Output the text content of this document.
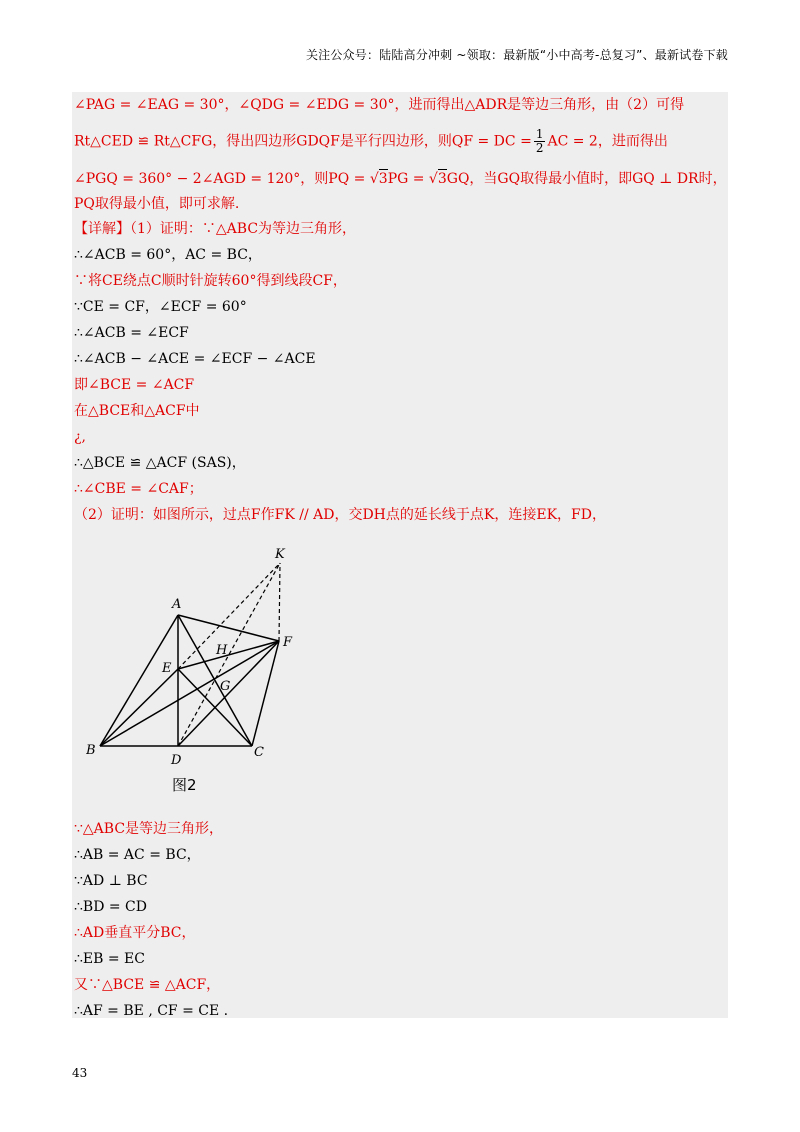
关注公众号：陆陆高分冲刺 ~领取：最新版“小中高考-总复习”、最新试卷下载
∠PAG = ∠EAG = 30°，∠QDG = ∠EDG = 30°，进而得出△ADR是等边三角形，由（2）可得
Rt△CED ≌ Rt△CFG，得出四边形GDQF是平行四边形，则QF = DC = $\frac{1}{2}$ AC = 2，进而得出
∠PGQ = 360° − 2∠AGD = 120°，则PQ = √3PG = √3GQ，当GQ取得最小值时，即GQ ⊥ DR时，
PQ取得最小值，即可求解.
【详解】（1）证明：∵△ABC为等边三角形，
∴∠ACB = 60°，AC = BC，
∵将CE绕点C顺时针旋转60°得到线段CF，
∵CE = CF，∠ECF = 60°
∴∠ACB = ∠ECF
∴∠ACB − ∠ACE = ∠ECF − ∠ACE
即∠BCE = ∠ACF
在△BCE和△ACF中
¿,
∴△BCE ≌ △ACF (SAS)，
∴∠CBE = ∠CAF；
（2）证明：如图所示，过点F作FK // AD，交DH点的延长线于点K，连接EK，FD，
K
A
F
E
H
G
B
D
C
∵△ABC是等边三角形，
∴AB = AC = BC，
∵AD ⊥ BC
∴BD = CD
∴AD垂直平分BC，
∴EB = EC
又∵△BCE ≌ △ACF，
∴AF = BE , CF = CE .
图2
43
